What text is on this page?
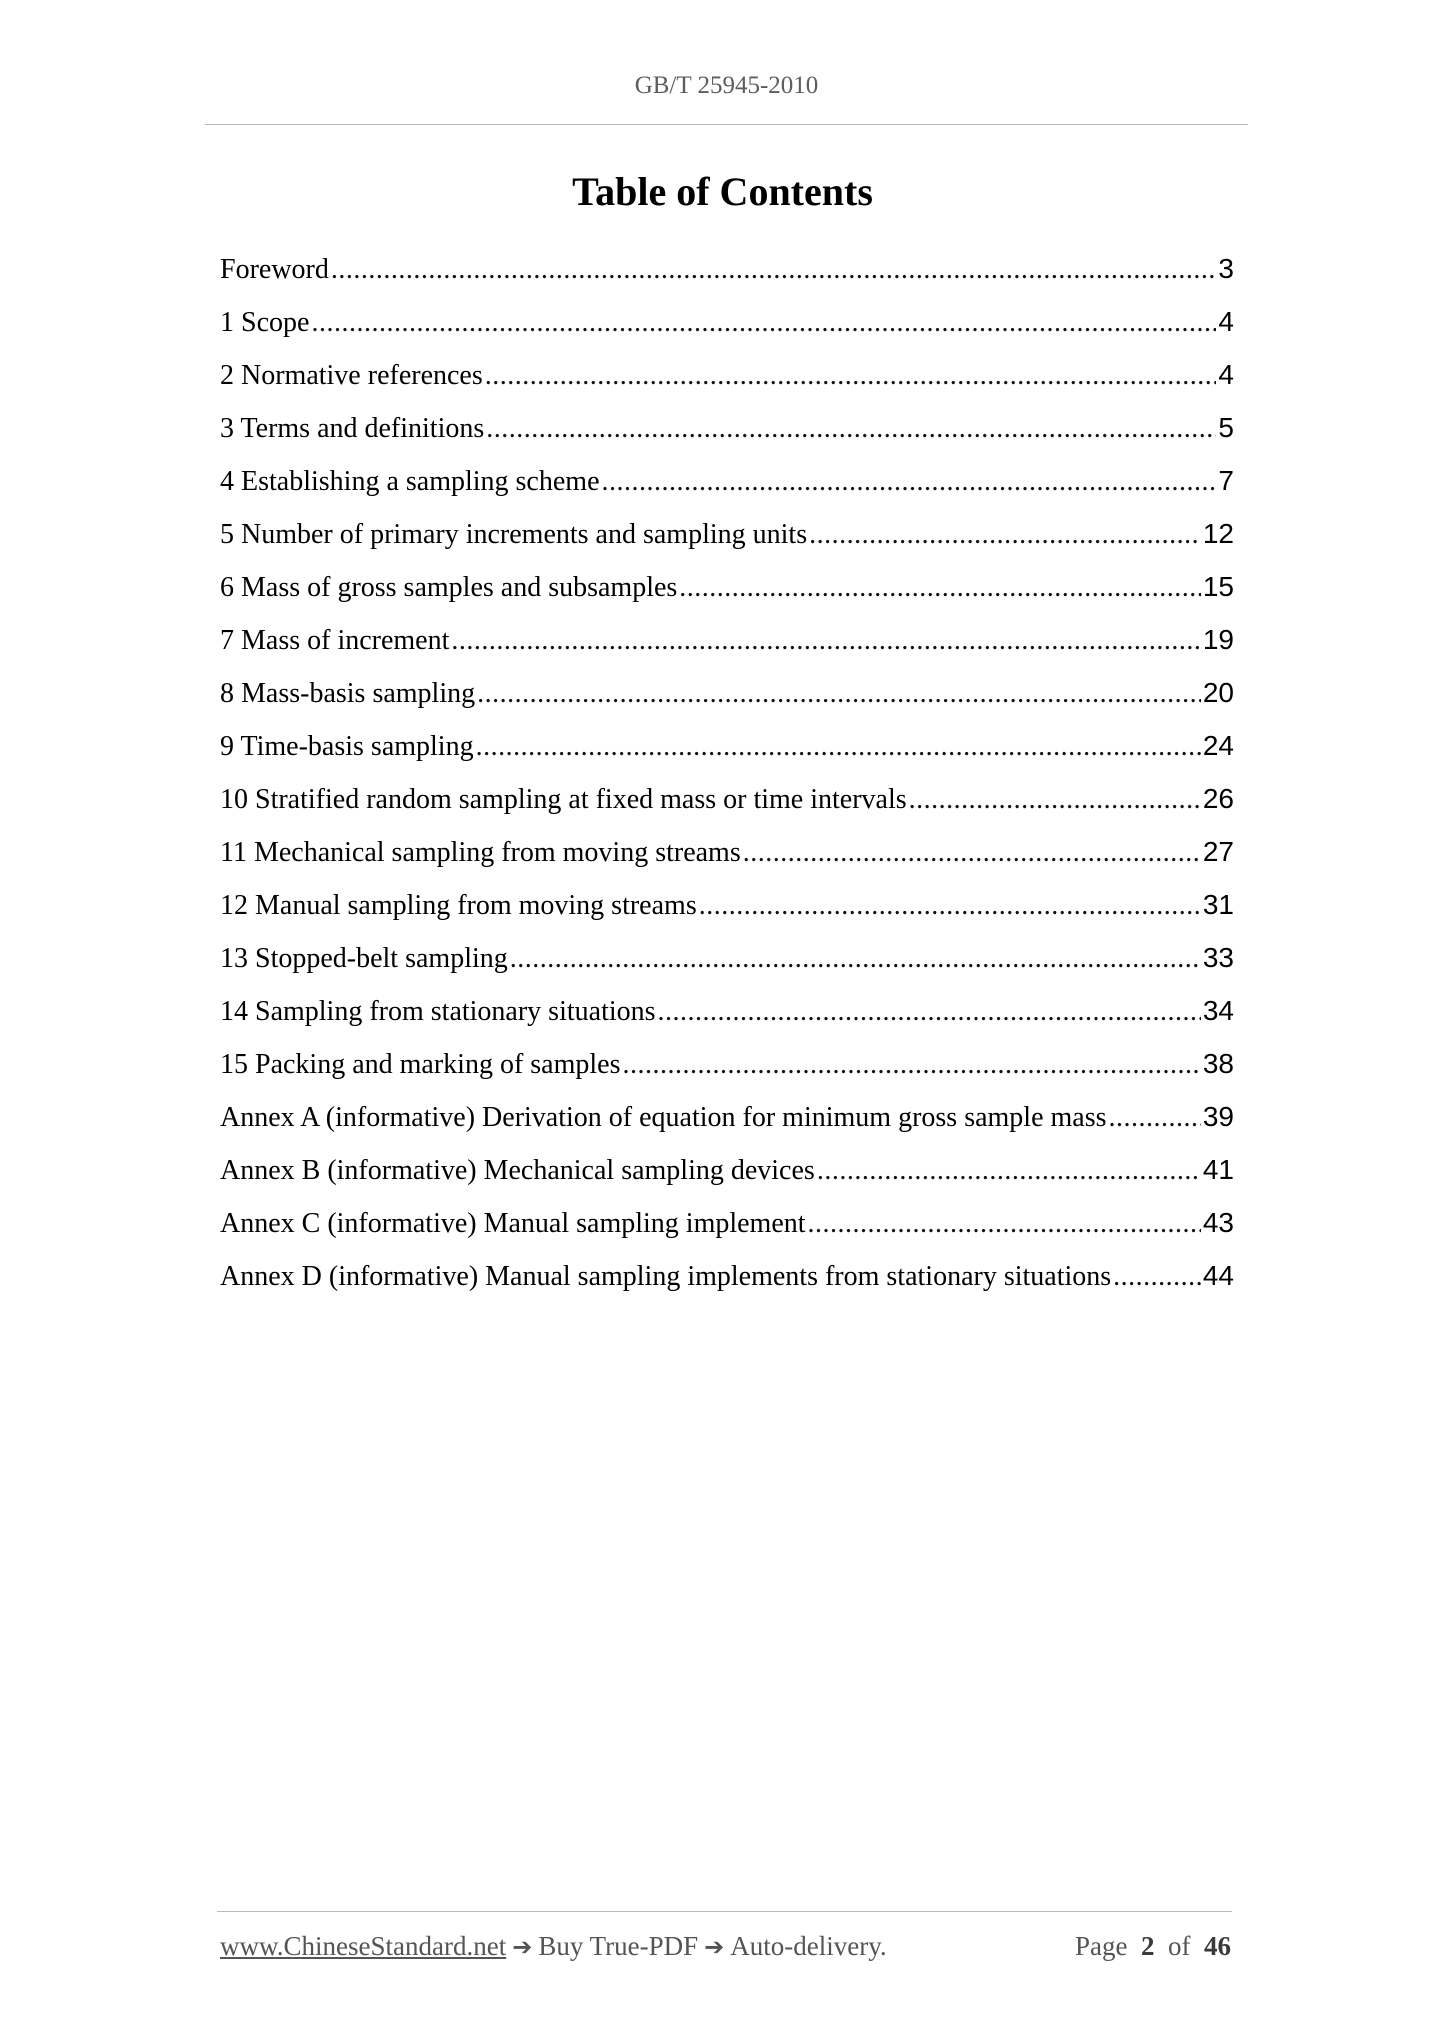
GB/T 25945-2010
Table of Contents
Foreword .....	3
1 Scope .....	4
2 Normative references .....	4
3 Terms and definitions .....	5
4 Establishing a sampling scheme .....	7
5 Number of primary increments and sampling units .....	12
6 Mass of gross samples and subsamples .....	15
7 Mass of increment .....	19
8 Mass-basis sampling .....	20
9 Time-basis sampling .....	24
10 Stratified random sampling at fixed mass or time intervals .....	26
11 Mechanical sampling from moving streams .....	27
12 Manual sampling from moving streams .....	31
13 Stopped-belt sampling .....	33
14 Sampling from stationary situations .....	34
15 Packing and marking of samples .....	38
Annex A (informative) Derivation of equation for minimum gross sample mass .....	39
Annex B (informative) Mechanical sampling devices .....	41
Annex C (informative) Manual sampling implement .....	43
Annex D (informative) Manual sampling implements from stationary situations .....	44
www.ChineseStandard.net ➔ Buy True-PDF ➔ Auto-delivery.	Page 2 of 46
